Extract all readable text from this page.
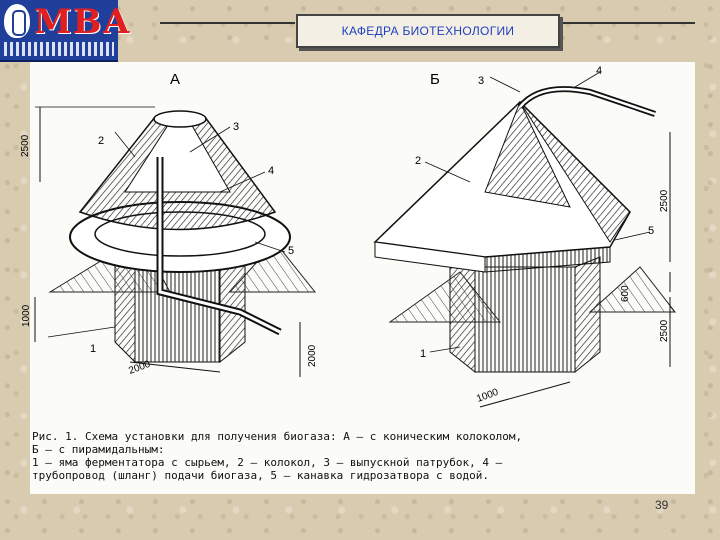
МВА	КАФЕДРА БИОТЕХНОЛОГИИ
А
1
2
3
4
5
2500
1000
2000
2000
Б
1
2
3
4
5
2500
600
2500
1000
Рис. 1. Схема установки для получения биогаза: А — с коническим колоколом,
Б — с пирамидальным:
1 — яма ферментатора с сырьем, 2 — колокол, 3 — выпускной патрубок, 4 —
трубопровод (шланг) подачи биогаза, 5 — канавка гидрозатвора с водой.
39
